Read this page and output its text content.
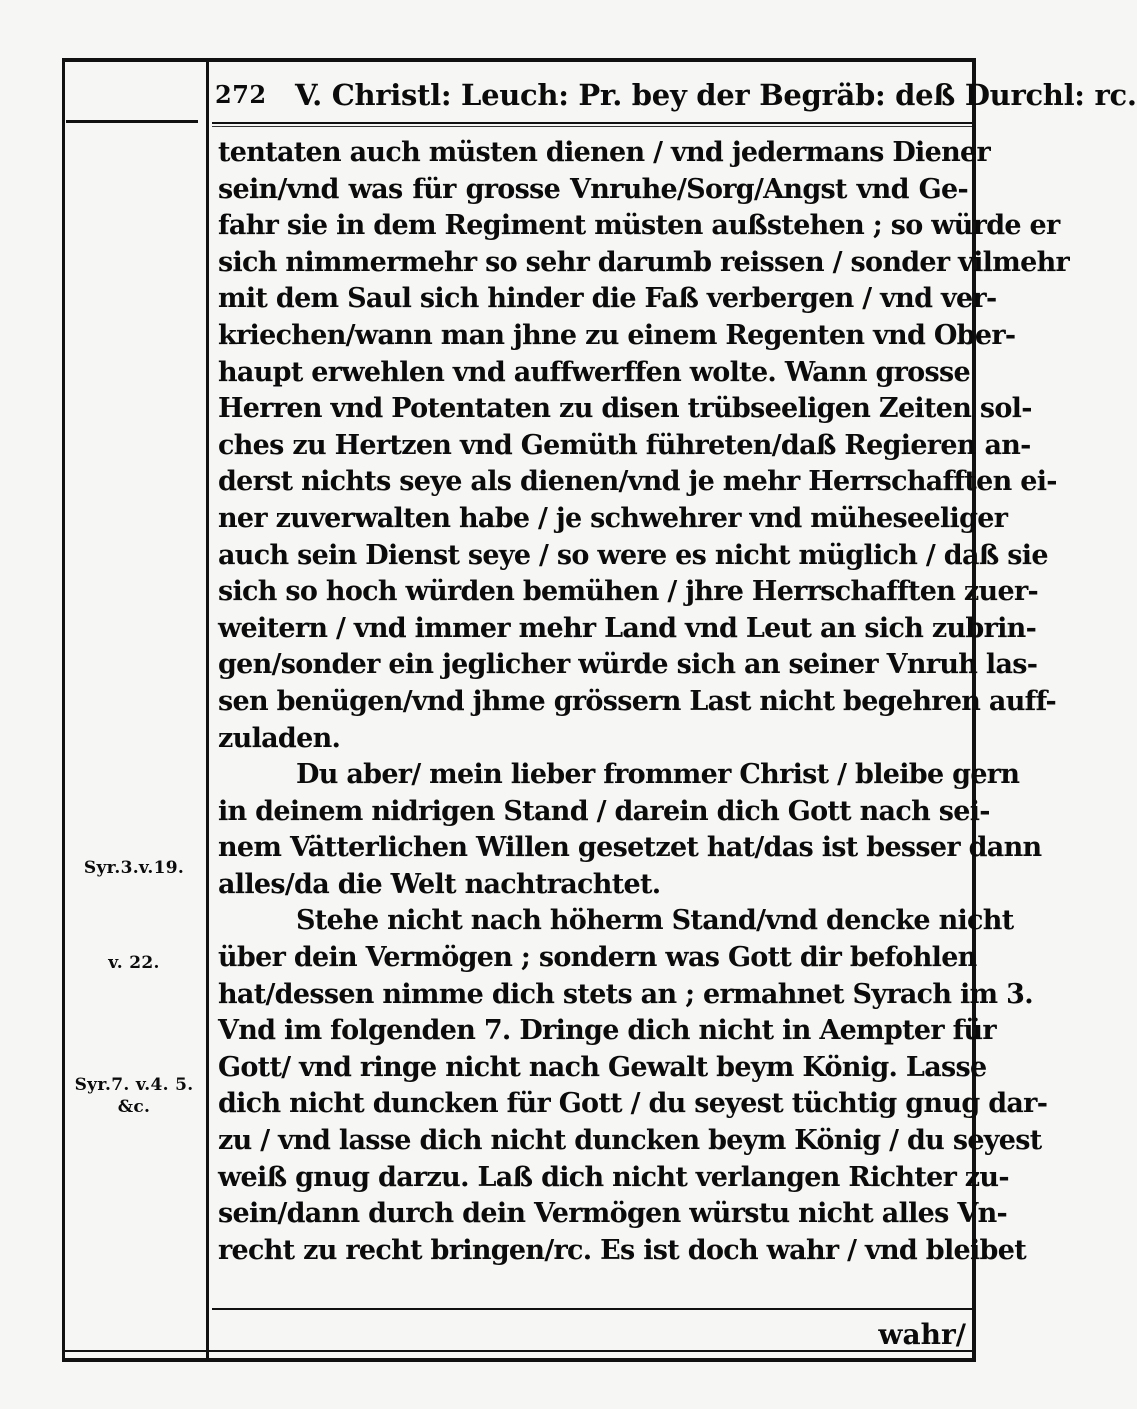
272 V. Christl: Leuch: Pr. bey der Begräb: deß Durchl: rc.
Syr.3.v.19.
v. 22.
Syr.7. v.4. 5. &c.
tentaten auch müsten dienen / vnd jedermans Diener
sein/vnd was für grosse Vnruhe/Sorg/Angst vnd Ge-
fahr sie in dem Regiment müsten außstehen ; so würde er
sich nimmermehr so sehr darumb reissen / sonder vilmehr
mit dem Saul sich hinder die Faß verbergen / vnd ver-
kriechen/wann man jhne zu einem Regenten vnd Ober-
haupt erwehlen vnd auffwerffen wolte. Wann grosse
Herren vnd Potentaten zu disen trübseeligen Zeiten sol-
ches zu Hertzen vnd Gemüth führeten/daß Regieren an-
derst nichts seye als dienen/vnd je mehr Herrschafften ei-
ner zuverwalten habe / je schwehrer vnd müheseeliger
auch sein Dienst seye / so were es nicht müglich / daß sie
sich so hoch würden bemühen / jhre Herrschafften zuer-
weitern / vnd immer mehr Land vnd Leut an sich zubrin-
gen/sonder ein jeglicher würde sich an seiner Vnruh las-
sen benügen/vnd jhme grössern Last nicht begehren auff-
zuladen.
Du aber/ mein lieber frommer Christ / bleibe gern
in deinem nidrigen Stand / darein dich Gott nach sei-
nem Vätterlichen Willen gesetzet hat/das ist besser dann
alles/da die Welt nachtrachtet.
Stehe nicht nach höherm Stand/vnd dencke nicht
über dein Vermögen ; sondern was Gott dir befohlen
hat/dessen nimme dich stets an ; ermahnet Syrach im 3.
Vnd im folgenden 7. Dringe dich nicht in Aempter für
Gott/ vnd ringe nicht nach Gewalt beym König. Lasse
dich nicht duncken für Gott / du seyest tüchtig gnug dar-
zu / vnd lasse dich nicht duncken beym König / du seyest
weiß gnug darzu. Laß dich nicht verlangen Richter zu-
sein/dann durch dein Vermögen würstu nicht alles Vn-
recht zu recht bringen/rc. Es ist doch wahr / vnd bleibet
wahr/
